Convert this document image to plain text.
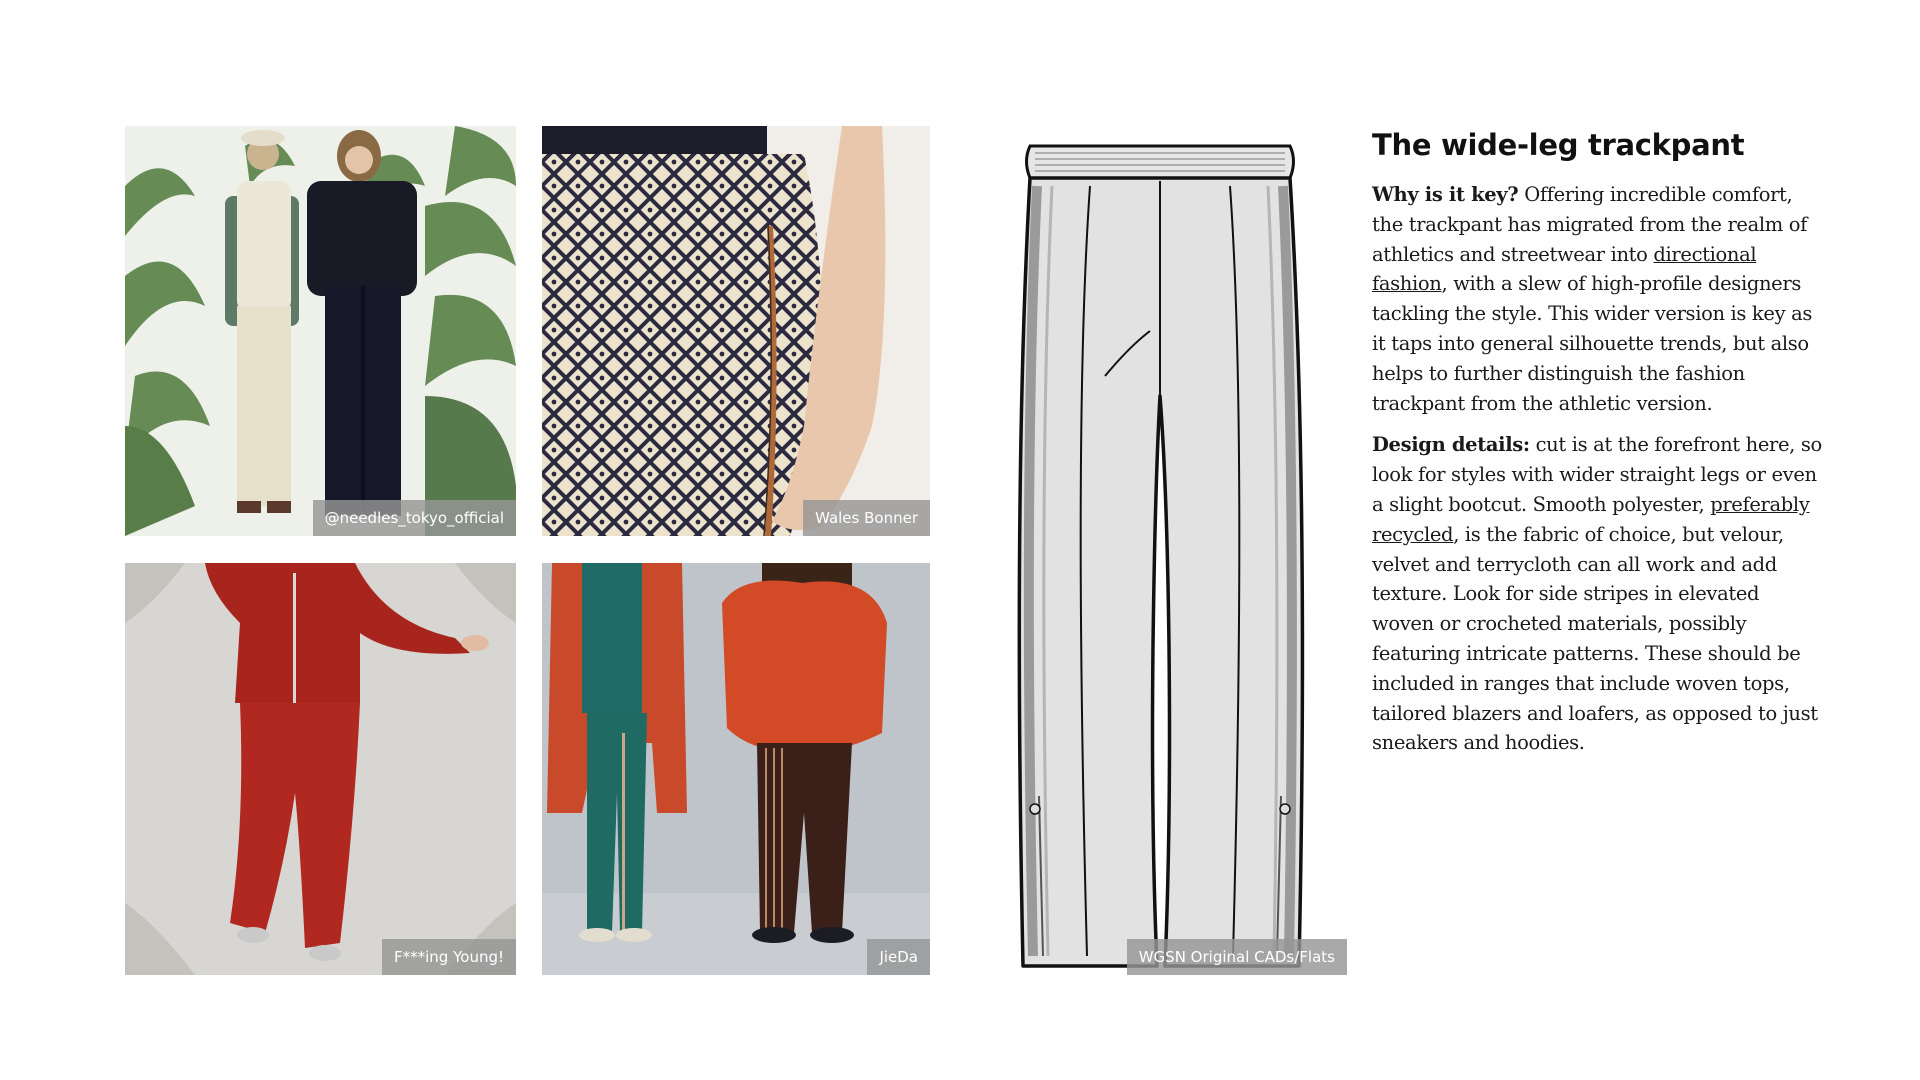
@needles_tokyo_official	Wales Bonner
F***ing Young!	JieDa	WGSN Original CADs/Flats
The wide-leg trackpant

Why is it key? Offering incredible comfort, the trackpant has migrated from the realm of athletics and streetwear into directional fashion, with a slew of high-profile designers tackling the style. This wider version is key as it taps into general silhouette trends, but also helps to further distinguish the fashion trackpant from the athletic version.

Design details: cut is at the forefront here, so look for styles with wider straight legs or even a slight bootcut. Smooth polyester, preferably recycled, is the fabric of choice, but velour, velvet and terrycloth can all work and add texture. Look for side stripes in elevated woven or crocheted materials, possibly featuring intricate patterns. These should be included in ranges that include woven tops, tailored blazers and loafers, as opposed to just sneakers and hoodies.
